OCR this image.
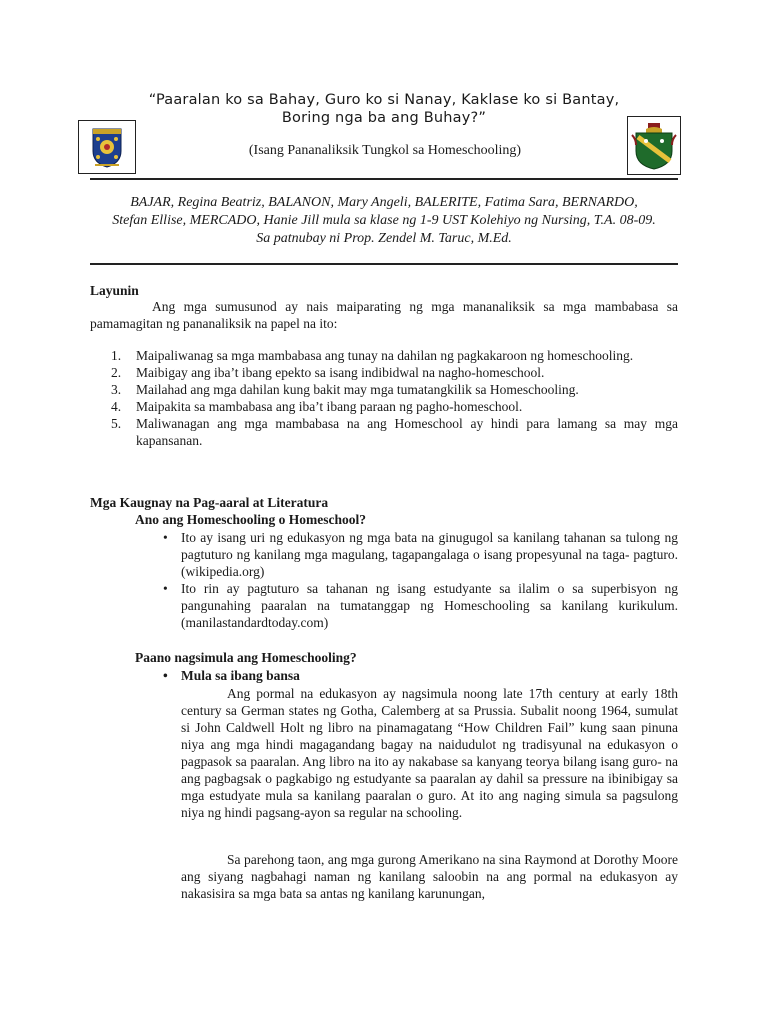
“Paaralan ko sa Bahay, Guro ko si Nanay, Kaklase ko si Bantay,
Boring nga ba ang Buhay?”
(Isang Pananaliksik Tungkol sa Homeschooling)
BAJAR, Regina Beatriz, BALANON, Mary Angeli, BALERITE, Fatima Sara, BERNARDO,
Stefan Ellise, MERCADO, Hanie Jill mula sa klase ng 1-9 UST Kolehiyo ng Nursing, T.A. 08-09.
Sa patnubay ni Prop. Zendel M. Taruc, M.Ed.
Layunin
Ang mga sumusunod ay nais maiparating ng mga mananaliksik sa mga mambabasa sa pamamagitan ng pananaliksik na papel na ito:
1. Maipaliwanag sa mga mambabasa ang tunay na dahilan ng pagkakaroon ng homeschooling.
2. Maibigay ang iba’t ibang epekto sa isang indibidwal na nagho-homeschool.
3. Mailahad ang mga dahilan kung bakit may mga tumatangkilik sa Homeschooling.
4. Maipakita sa mambabasa ang iba’t ibang paraan ng pagho-homeschool.
5. Maliwanagan ang mga mambabasa na ang Homeschool ay hindi para lamang sa may mga kapansanan.
Mga Kaugnay na Pag-aaral at Literatura
Ano ang Homeschooling o Homeschool?
• Ito ay isang uri ng edukasyon ng mga bata na ginugugol sa kanilang tahanan sa tulong ng pagtuturo ng kanilang mga magulang, tagapangalaga o isang propesyunal na taga- pagturo. (wikipedia.org)
• Ito rin ay pagtuturo sa tahanan ng isang estudyante sa ilalim o sa superbisyon ng pangunahing paaralan na tumatanggap ng Homeschooling sa kanilang kurikulum. (manilastandardtoday.com)
Paano nagsimula ang Homeschooling?
• Mula sa ibang bansa
Ang pormal na edukasyon ay nagsimula noong late 17th century at early 18th century sa German states ng Gotha, Calemberg at sa Prussia. Subalit noong 1964, sumulat si John Caldwell Holt ng libro na pinamagatang “How Children Fail” kung saan pinuna niya ang mga hindi magagandang bagay na naidudulot ng tradisyunal na edukasyon o pagpasok sa paaralan. Ang libro na ito ay nakabase sa kanyang teorya bilang isang guro- na ang pagbagsak o pagkabigo ng estudyante sa paaralan ay dahil sa pressure na ibinibigay sa mga estudyate mula sa kanilang paaralan o guro. At ito ang naging simula sa pagsulong niya ng hindi pagsang-ayon sa regular na schooling.
Sa parehong taon, ang mga gurong Amerikano na sina Raymond at Dorothy Moore ang siyang nagbahagi naman ng kanilang saloobin na ang pormal na edukasyon ay nakasisira sa mga bata sa antas ng kanilang karunungan,
